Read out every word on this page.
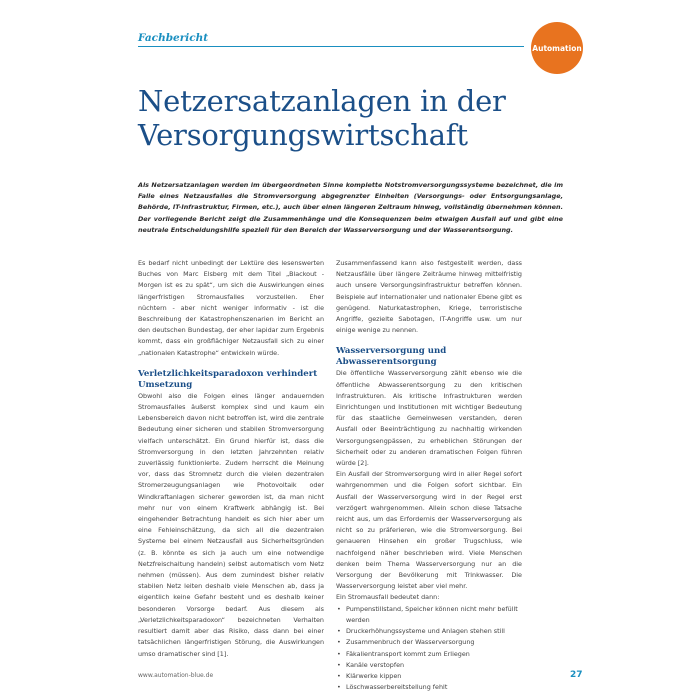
Fachbericht

Automation
Netzersatzanlagen in der
Versorgungswirtschaft

Als Netzersatzanlagen werden im übergeordneten Sinne komplette Notstromversorgungssysteme bezeichnet, die im Falle eines Netzausfalles die Stromversorgung abgegrenzter Einheiten (Versorgungs- oder Entsorgungsanlage, Behörde, IT-Infrastruktur, Firmen, etc.), auch über einen längeren Zeitraum hinweg, vollständig übernehmen können. Der vorliegende Bericht zeigt die Zusammenhänge und die Konsequenzen beim etwaigen Ausfall auf und gibt eine neutrale Entscheidungshilfe speziell für den Bereich der Wasserversorgung und der Wasserentsorgung.

Es bedarf nicht unbedingt der Lektüre des lesenswerten Buches von Marc Elsberg mit dem Titel „Blackout - Morgen ist es zu spät“, um sich die Auswirkungen eines längerfristigen Stromausfalles vorzustellen. Eher nüchtern - aber nicht weniger informativ - ist die Beschreibung der Katastrophenszenarien im Bericht an den deutschen Bundestag, der eher lapidar zum Ergebnis kommt, dass ein großflächiger Netzausfall sich zu einer „nationalen Katastrophe“ entwickeln würde.

Verletzlichkeitsparadoxon verhindert Umsetzung

Obwohl also die Folgen eines länger andauernden Stromausfalles äußerst komplex sind und kaum ein Lebensbereich davon nicht betroffen ist, wird die zentrale Bedeutung einer sicheren und stabilen Stromversorgung vielfach unterschätzt. Ein Grund hierfür ist, dass die Stromversorgung in den letzten Jahrzehnten relativ zuverlässig funktionierte. Zudem herrscht die Meinung vor, dass das Stromnetz durch die vielen dezentralen Stromerzeugungsanlagen wie Photovoltaik oder Windkraftanlagen sicherer geworden ist, da man nicht mehr nur von einem Kraftwerk abhängig ist. Bei eingehender Betrachtung handelt es sich hier aber um eine Fehleinschätzung, da sich all die dezentralen Systeme bei einem Netzausfall aus Sicherheitsgründen (z. B. könnte es sich ja auch um eine notwendige Netzfreischaltung handeln) selbst automatisch vom Netz nehmen (müssen). Aus dem zumindest bisher relativ stabilen Netz leiten deshalb viele Menschen ab, dass ja eigentlich keine Gefahr besteht und es deshalb keiner besonderen Vorsorge bedarf. Aus diesem als „Verletzlichkeitsparadoxon“ bezeichneten Verhalten resultiert damit aber das Risiko, dass dann bei einer tatsächlichen längerfristigen Störung, die Auswirkungen umso dramatischer sind [1].

Zusammenfassend kann also festgestellt werden, dass Netzausfälle über längere Zeiträume hinweg mittelfristig auch unsere Versorgungsinfrastruktur betreffen können. Beispiele auf internationaler und nationaler Ebene gibt es genügend. Naturkatastrophen, Kriege, terroristische Angriffe, gezielte Sabotagen, IT-Angriffe usw. um nur einige wenige zu nennen.

Wasserversorgung und Abwasserentsorgung

Die öffentliche Wasserversorgung zählt ebenso wie die öffentliche Abwasserentsorgung zu den kritischen Infrastrukturen. Als kritische Infrastrukturen werden Einrichtungen und Institutionen mit wichtiger Bedeutung für das staatliche Gemeinwesen verstanden, deren Ausfall oder Beeinträchtigung zu nachhaltig wirkenden Versorgungsengpässen, zu erheblichen Störungen der Sicherheit oder zu anderen dramatischen Folgen führen würde [2].

Ein Ausfall der Stromversorgung wird in aller Regel sofort wahrgenommen und die Folgen sofort sichtbar. Ein Ausfall der Wasserversorgung wird in der Regel erst verzögert wahrgenommen. Allein schon diese Tatsache reicht aus, um das Erfordernis der Wasserversorgung als nicht so zu präferieren, wie die Stromversorgung. Bei genaueren Hinsehen ein großer Trugschluss, wie nachfolgend näher beschrieben wird. Viele Menschen denken beim Thema Wasserversorgung nur an die Versorgung der Bevölkerung mit Trinkwasser. Die Wasserversorgung leistet aber viel mehr.

Ein Stromausfall bedeutet dann:

• Pumpenstillstand, Speicher können nicht mehr befüllt werden
• Druckerhöhungssysteme und Anlagen stehen still
• Zusammenbruch der Wasserversorgung
• Fäkalientransport kommt zum Erliegen
• Kanäle verstopfen
• Klärwerke kippen
• Löschwasserbereitstellung fehlt

www.automation-blue.de	27
